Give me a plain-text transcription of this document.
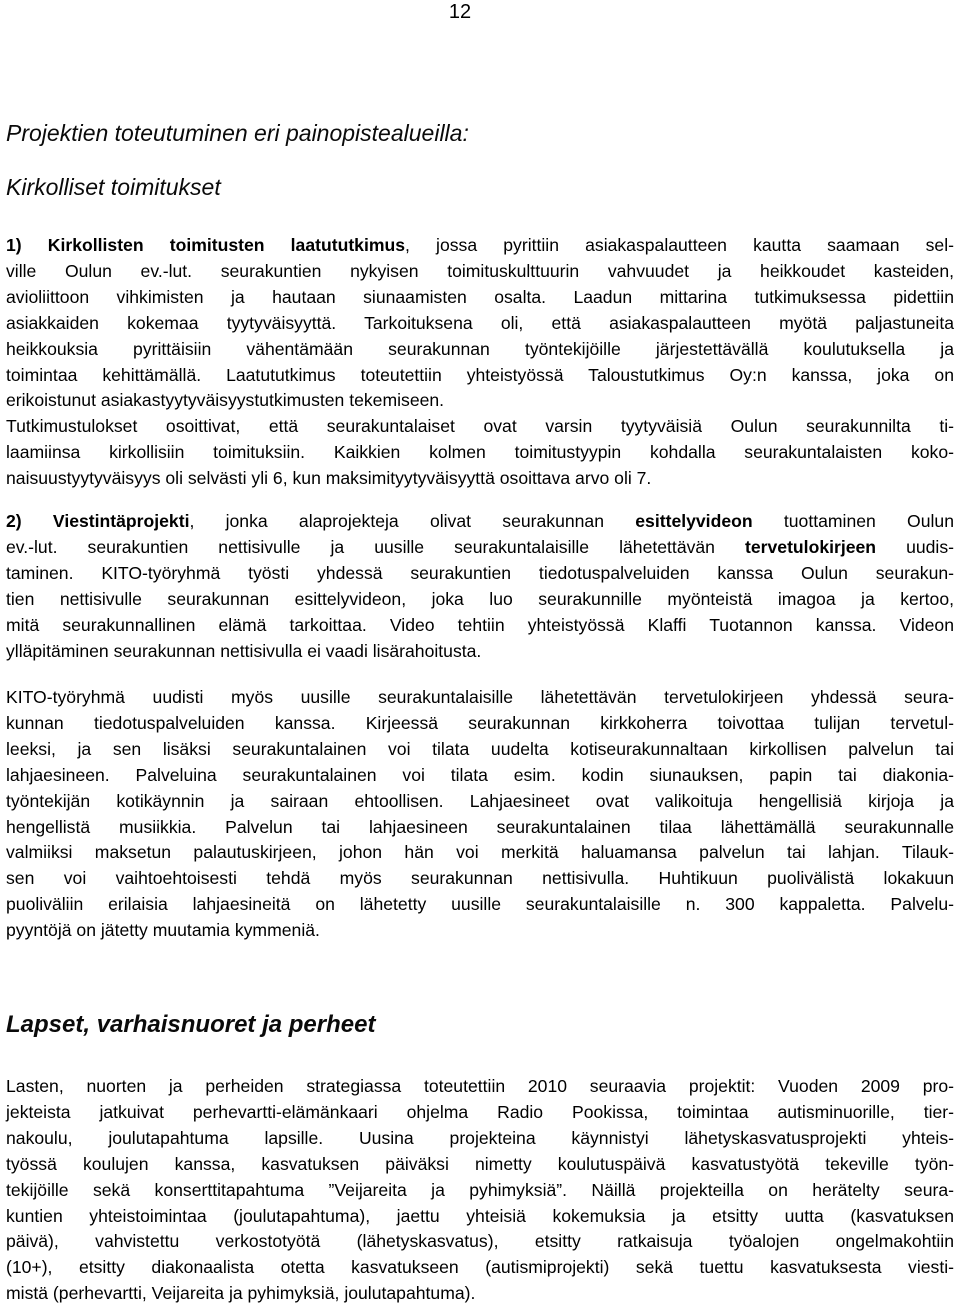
12
Projektien toteutuminen eri painopistealueilla:
Kirkolliset toimitukset
1) Kirkollisten toimitusten laatututkimus, jossa pyrittiin asiakaspalautteen kautta saamaan sel-
ville Oulun ev.-lut. seurakuntien nykyisen toimituskulttuurin vahvuudet ja heikkoudet kasteiden,
avioliittoon vihkimisten ja hautaan siunaamisten osalta. Laadun mittarina tutkimuksessa pidettiin
asiakkaiden kokemaa tyytyväisyyttä. Tarkoituksena oli, että asiakaspalautteen myötä paljastuneita
heikkouksia pyrittäisiin vähentämään seurakunnan työntekijöille järjestettävällä koulutuksella ja
toimintaa kehittämällä. Laatututkimus toteutettiin yhteistyössä Taloustutkimus Oy:n kanssa, joka on
erikoistunut asiakastyytyväisyystutkimusten tekemiseen.
Tutkimustulokset osoittivat, että seurakuntalaiset ovat varsin tyytyväisiä Oulun seurakunnilta ti-
laamiinsa kirkollisiin toimituksiin. Kaikkien kolmen toimitustyypin kohdalla seurakuntalaisten koko-
naisuustyytyväisyys oli selvästi yli 6, kun maksimityytyväisyyttä osoittava arvo oli 7.
2) Viestintäprojekti, jonka alaprojekteja olivat seurakunnan esittelyvideon tuottaminen Oulun
ev.-lut. seurakuntien nettisivulle ja uusille seurakuntalaisille lähetettävän tervetulokirjeen uudis-
taminen. KITO-työryhmä työsti yhdessä seurakuntien tiedotuspalveluiden kanssa Oulun seurakun-
tien nettisivulle seurakunnan esittelyvideon, joka luo seurakunnille myönteistä imagoa ja kertoo,
mitä seurakunnallinen elämä tarkoittaa. Video tehtiin yhteistyössä Klaffi Tuotannon kanssa. Videon
ylläpitäminen seurakunnan nettisivulla ei vaadi lisärahoitusta.
KITO-työryhmä uudisti myös uusille seurakuntalaisille lähetettävän tervetulokirjeen yhdessä seura-
kunnan tiedotuspalveluiden kanssa. Kirjeessä seurakunnan kirkkoherra toivottaa tulijan tervetul-
leeksi, ja sen lisäksi seurakuntalainen voi tilata uudelta kotiseurakunnaltaan kirkollisen palvelun tai
lahjaesineen. Palveluina seurakuntalainen voi tilata esim. kodin siunauksen, papin tai diakonia-
työntekijän kotikäynnin ja sairaan ehtoollisen. Lahjaesineet ovat valikoituja hengellisiä kirjoja ja
hengellistä musiikkia. Palvelun tai lahjaesineen seurakuntalainen tilaa lähettämällä seurakunnalle
valmiiksi maksetun palautuskirjeen, johon hän voi merkitä haluamansa palvelun tai lahjan. Tilauk-
sen voi vaihtoehtoisesti tehdä myös seurakunnan nettisivulla. Huhtikuun puolivälistä lokakuun
puoliväliin erilaisia lahjaesineitä on lähetetty uusille seurakuntalaisille n. 300 kappaletta. Palvelu-
pyyntöjä on jätetty muutamia kymmeniä.
Lapset, varhaisnuoret ja perheet
Lasten, nuorten ja perheiden strategiassa toteutettiin 2010 seuraavia projektit: Vuoden 2009 pro-
jekteista jatkuivat perhevartti-elämänkaari ohjelma Radio Pookissa, toimintaa autisminuorille, tier-
nakoulu, joulutapahtuma lapsille. Uusina projekteina käynnistyi lähetyskasvatusprojekti yhteis-
työssä koulujen kanssa, kasvatuksen päiväksi nimetty koulutuspäivä kasvatustyötä tekeville työn-
tekijöille sekä konserttitapahtuma ”Veijareita ja pyhimyksiä”. Näillä projekteilla on herätelty seura-
kuntien yhteistoimintaa (joulutapahtuma), jaettu yhteisiä kokemuksia ja etsitty uutta (kasvatuksen
päivä), vahvistettu verkostotyötä (lähetyskasvatus), etsitty ratkaisuja työalojen ongelmakohtiin
(10+), etsitty diakonaalista otetta kasvatukseen (autismiprojekti) sekä tuettu kasvatuksesta viesti-
mistä (perhevartti, Veijareita ja pyhimyksiä, joulutapahtuma).
